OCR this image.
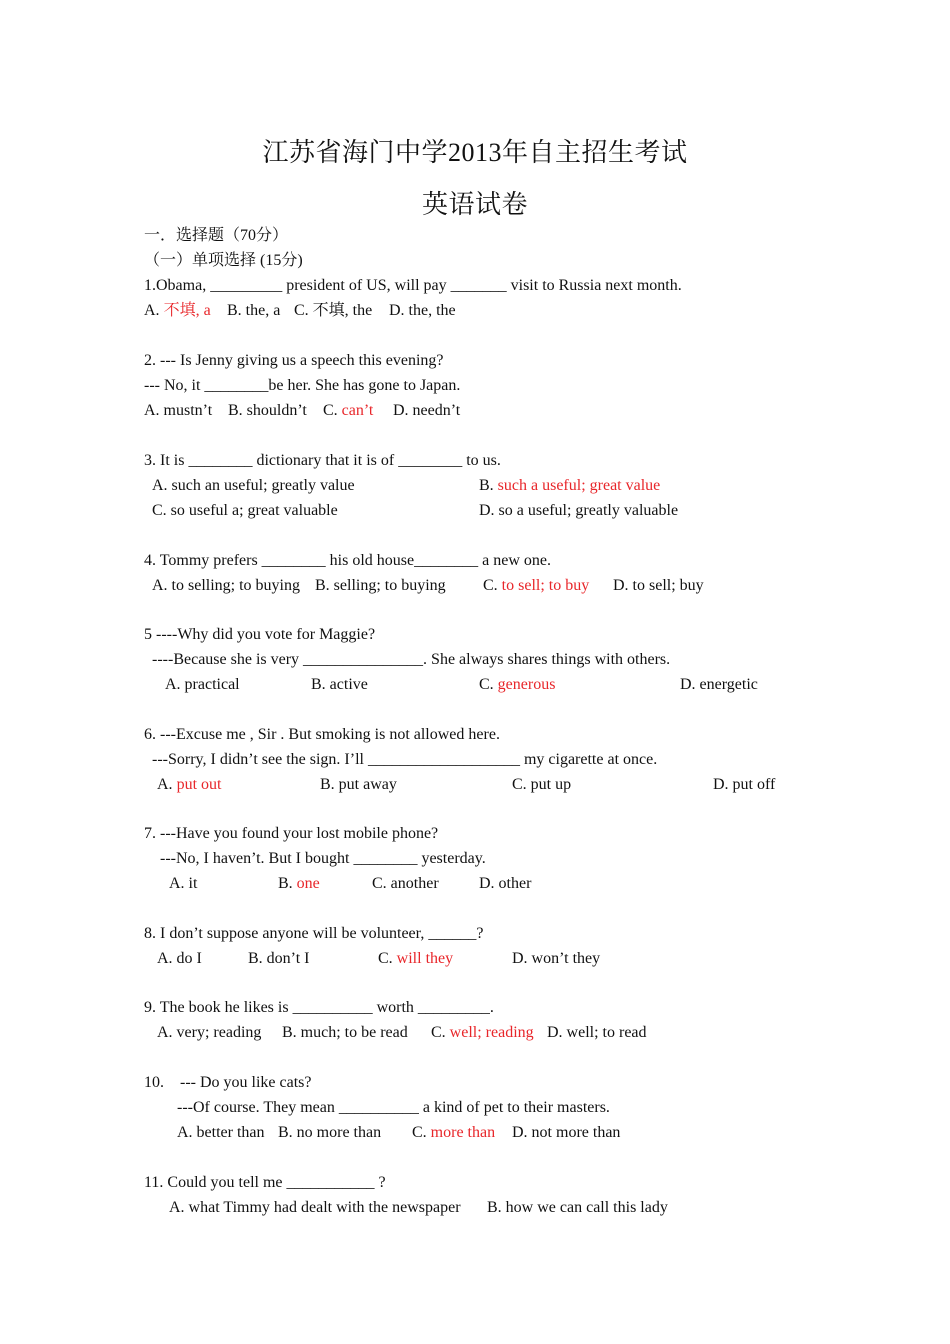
江苏省海门中学2013年自主招生考试
英语试卷
一．选择题（70分）
（一）单项选择 (15分)
1.Obama, _________ president of US, will pay _______ visit to Russia next month.
A. 不填, a B. the, a C. 不填, the D. the, the
2. --- Is Jenny giving us a speech this evening?
--- No, it ________be her. She has gone to Japan.
A. mustn’t B. shouldn’t C. can’t D. needn’t
3. It is ________ dictionary that it is of ________ to us.
A. such an useful; greatly value	B. such a useful; great value
C. so useful a; great valuable	D. so a useful; greatly valuable
4. Tommy prefers ________ his old house________ a new one.
A. to selling; to buying B. selling; to buying C. to sell; to buy D. to sell; buy
5 ----Why did you vote for Maggie?
----Because she is very _______________. She always shares things with others.
A. practical	B. active	C. generous	D. energetic
6. ---Excuse me , Sir . But smoking is not allowed here.
---Sorry, I didn’t see the sign. I’ll ___________________ my cigarette at once.
A. put out	B. put away	C. put up	D. put off
7. ---Have you found your lost mobile phone?
---No, I haven’t. But I bought ________ yesterday.
A. it	B. one	C. another	D. other
8. I don’t suppose anyone will be volunteer, ______?
A. do I	B. don’t I	C. will they	D. won’t they
9. The book he likes is __________ worth _________.
A. very; reading B. much; to be read C. well; reading D. well; to read
10.    --- Do you like cats?
---Of course. They mean __________ a kind of pet to their masters.
A. better than B. no more than C. more than D. not more than
11. Could you tell me ___________ ?
A. what Timmy had dealt with the newspaper B. how we can call this lady
